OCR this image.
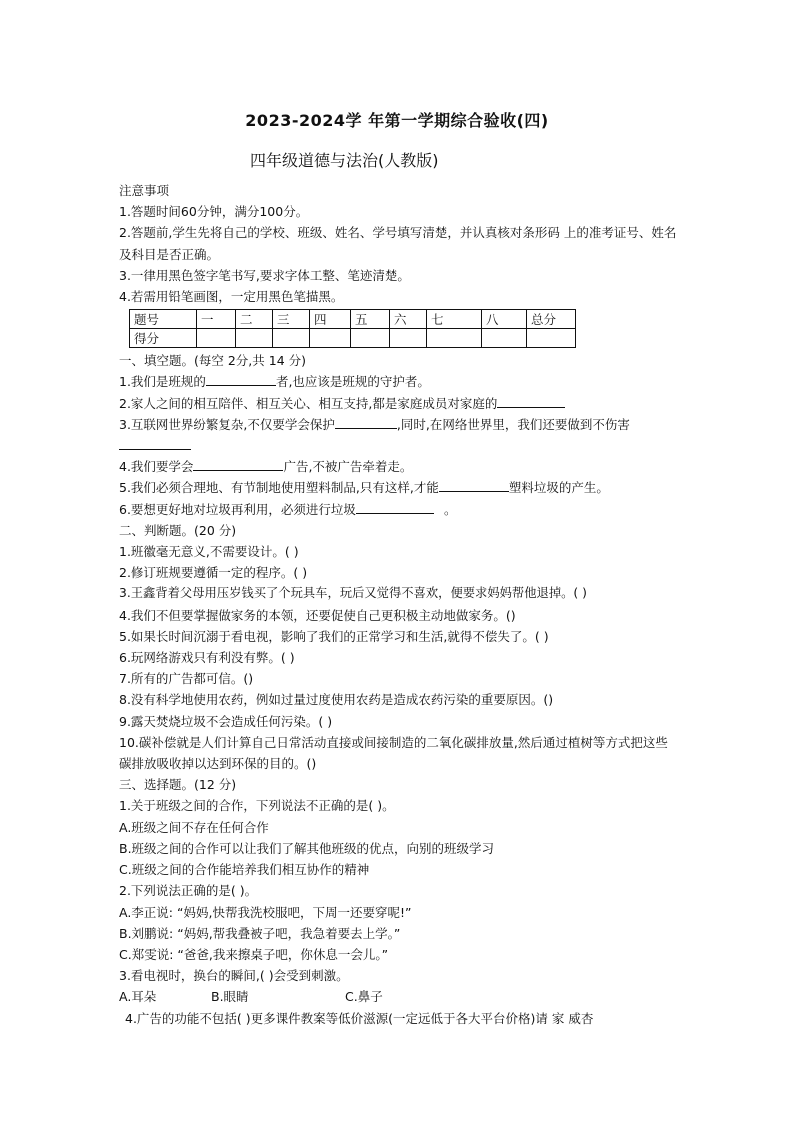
2023-2024学 年第一学期综合验收(四)
四年级道德与法治(人教版)

注意事项

1.答题时间60分钟，满分100分。

2.答题前,学生先将自己的学校、班级、姓名、学号填写清楚，并认真核对条形码 上的准考证号、姓名及科目是否正确。

3.一律用黑色签字笔书写,要求字体工整、笔迹清楚。

4.若需用铅笔画图，一定用黑色笔描黑。

题号	一	二	三	四	五	六	七	八	总分
得分									

一、填空题。(每空 2分,共 14 分)

1.我们是班规的	者,也应该是班规的守护者。

2.家人之间的相互陪伴、相互关心、相互支持,都是家庭成员对家庭的

3.互联网世界纷繁复杂,不仅要学会保护	,同时,在网络世界里，我们还要做到不伤害

4.我们要学会	广告,不被广告牵着走。

5.我们必须合理地、有节制地使用塑料制品,只有这样,才能	塑料垃圾的产生。

6.要想更好地对垃圾再利用，必须进行垃圾	。

二、判断题。(20 分)

1.班徽毫无意义,不需要设计。( )

2.修订班规要遵循一定的程序。( )

3.王鑫背着父母用压岁钱买了个玩具车，玩后又觉得不喜欢，便要求妈妈帮他退掉。( )

4.我们不但要掌握做家务的本领，还要促使自己更积极主动地做家务。()

5.如果长时间沉溺于看电视，影响了我们的正常学习和生活,就得不偿失了。( )

6.玩网络游戏只有利没有弊。( )

7.所有的广告都可信。()

8.没有科学地使用农药，例如过量过度使用农药是造成农药污染的重要原因。()

9.露天焚烧垃圾不会造成任何污染。( )

10.碳补偿就是人们计算自己日常活动直接或间接制造的二氧化碳排放量,然后通过植树等方式把这些碳排放吸收掉以达到环保的目的。()

三、选择题。(12 分)

1.关于班级之间的合作，下列说法不正确的是( )。

A.班级之间不存在任何合作

B.班级之间的合作可以让我们了解其他班级的优点，向别的班级学习

C.班级之间的合作能培养我们相互协作的精神

2.下列说法正确的是( )。

A.李正说: “妈妈,快帮我洗校服吧，下周一还要穿呢!”

B.刘鹏说: “妈妈,帮我叠被子吧，我急着要去上学。”

C.郑雯说: “爸爸,我来擦桌子吧，你休息一会儿。”

3.看电视时，换台的瞬间,( )会受到刺激。

A.耳朵	B.眼睛	C.鼻子

4.广告的功能不包括( )更多课件教案等低价滋源(一定远低于各大平台价格)请 家 威杏
